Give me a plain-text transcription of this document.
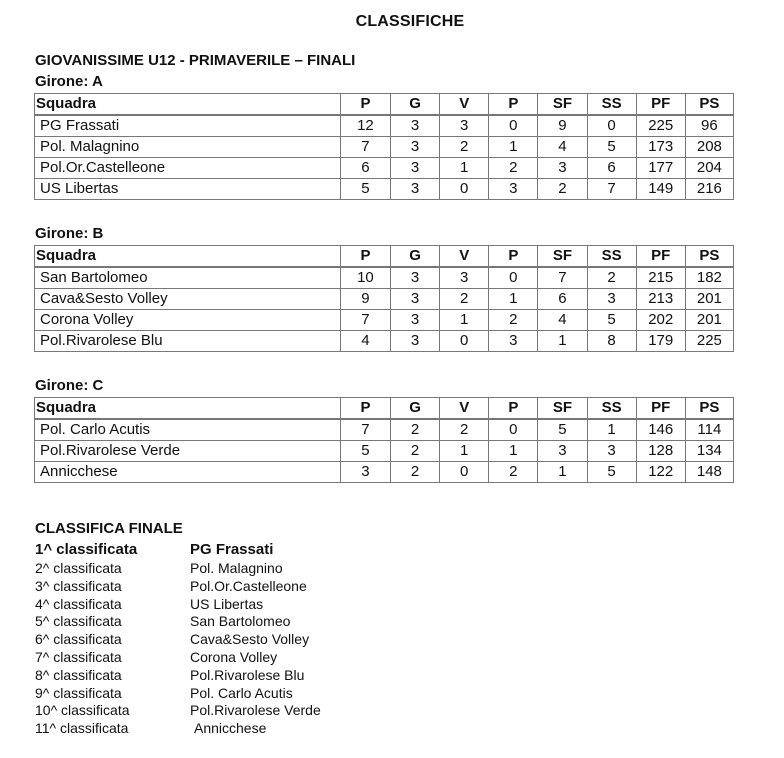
CLASSIFICHE
GIOVANISSIME U12 - PRIMAVERILE – FINALI
Girone: A
Squadra	P	G	V	P	SF	SS	PF	PS
PG Frassati	12	3	3	0	9	0	225	96
Pol. Malagnino	7	3	2	1	4	5	173	208
Pol.Or.Castelleone	6	3	1	2	3	6	177	204
US Libertas	5	3	0	3	2	7	149	216
Girone: B
Squadra	P	G	V	P	SF	SS	PF	PS
San Bartolomeo	10	3	3	0	7	2	215	182
Cava&Sesto Volley	9	3	2	1	6	3	213	201
Corona Volley	7	3	1	2	4	5	202	201
Pol.Rivarolese Blu	4	3	0	3	1	8	179	225
Girone: C
Squadra	P	G	V	P	SF	SS	PF	PS
Pol. Carlo Acutis	7	2	2	0	5	1	146	114
Pol.Rivarolese Verde	5	2	1	1	3	3	128	134
Annicchese	3	2	0	2	1	5	122	148
CLASSIFICA FINALE
1^ classificata	PG Frassati
2^ classificata	Pol. Malagnino
3^ classificata	Pol.Or.Castelleone
4^ classificata	US Libertas
5^ classificata	San Bartolomeo
6^ classificata	Cava&Sesto Volley
7^ classificata	Corona Volley
8^ classificata	Pol.Rivarolese Blu
9^ classificata	Pol. Carlo Acutis
10^ classificata	Pol.Rivarolese Verde
11^ classificata	Annicchese
